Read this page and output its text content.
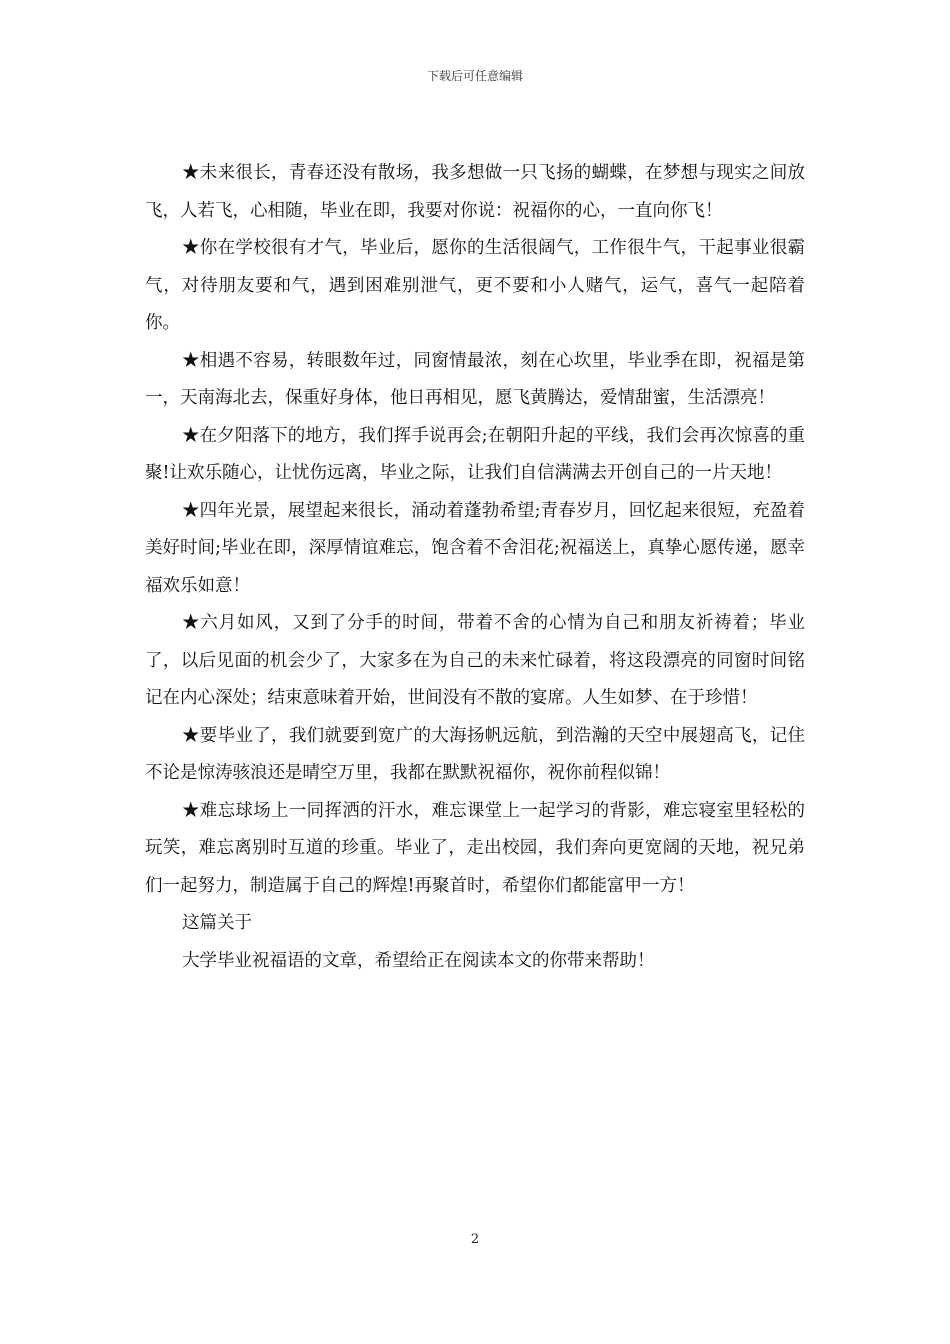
下载后可任意编辑

★未来很长，青春还没有散场，我多想做一只飞扬的蝴蝶，在梦想与现实之间放飞，人若飞，心相随，毕业在即，我要对你说：祝福你的心，一直向你飞！

★你在学校很有才气，毕业后，愿你的生活很阔气，工作很牛气，干起事业很霸气，对待朋友要和气，遇到困难别泄气，更不要和小人赌气，运气，喜气一起陪着你。

★相遇不容易，转眼数年过，同窗情最浓，刻在心坎里，毕业季在即，祝福是第一，天南海北去，保重好身体，他日再相见，愿飞黄腾达，爱情甜蜜，生活漂亮！

★在夕阳落下的地方，我们挥手说再会;在朝阳升起的平线，我们会再次惊喜的重聚!让欢乐随心，让忧伤远离，毕业之际，让我们自信满满去开创自己的一片天地！

★四年光景，展望起来很长，涌动着蓬勃希望;青春岁月，回忆起来很短，充盈着美好时间;毕业在即，深厚情谊难忘，饱含着不舍泪花;祝福送上，真挚心愿传递，愿幸福欢乐如意！

★六月如风，又到了分手的时间，带着不舍的心情为自己和朋友祈祷着；毕业了，以后见面的机会少了，大家多在为自己的未来忙碌着，将这段漂亮的同窗时间铭记在内心深处；结束意味着开始，世间没有不散的宴席。人生如梦、在于珍惜！

★要毕业了，我们就要到宽广的大海扬帆远航，到浩瀚的天空中展翅高飞，记住不论是惊涛骇浪还是晴空万里，我都在默默祝福你，祝你前程似锦！

★难忘球场上一同挥洒的汗水，难忘课堂上一起学习的背影，难忘寝室里轻松的玩笑，难忘离别时互道的珍重。毕业了，走出校园，我们奔向更宽阔的天地，祝兄弟们一起努力，制造属于自己的辉煌!再聚首时，希望你们都能富甲一方！

这篇关于

大学毕业祝福语的文章，希望给正在阅读本文的你带来帮助！

2
